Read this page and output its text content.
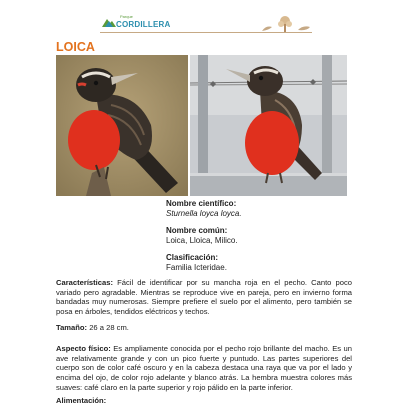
Parque
CORDILLERA
LOICA
Nombre científico:
Sturnella loyca loyca.
Nombre común:
Loica, Lloica, Milico.
Clasificación:
Familia Icteridae.
Características: Fácil de identificar por su mancha roja en el pecho. Canto poco variado pero agradable. Mientras se reproduce vive en pareja, pero en invierno forma bandadas muy numerosas. Siempre prefiere el suelo por el alimento, pero también se posa en árboles, tendidos eléctricos y techos.
Tamaño: 26 a 28 cm.
Aspecto físico: Es ampliamente conocida por el pecho rojo brillante del macho. Es un ave relativamente grande y con un pico fuerte y puntudo. Las partes superiores del cuerpo son de color café oscuro y en la cabeza destaca una raya que va por el lado y encima del ojo, de color rojo adelante y blanco atrás. La hembra muestra colores más suaves: café claro en la parte superior y rojo pálido en la parte inferior.
Alimentación:
